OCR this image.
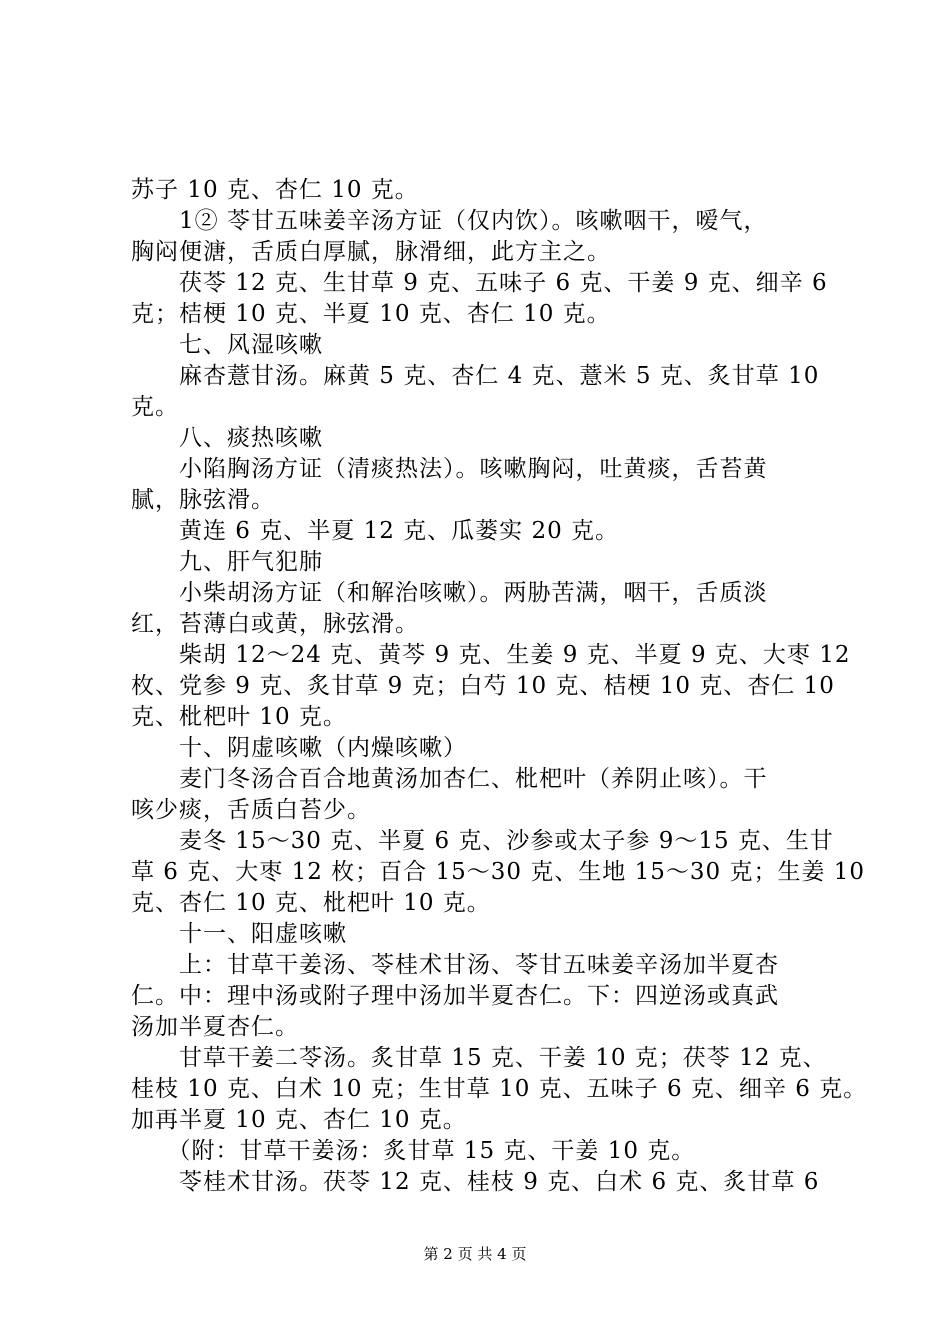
苏子 10 克、杏仁 10 克。
　　1② 苓甘五味姜辛汤方证（仅内饮）。咳嗽咽干，嗳气，
胸闷便溏，舌质白厚腻，脉滑细，此方主之。
　　茯苓 12 克、生甘草 9 克、五味子 6 克、干姜 9 克、细辛 6
克；桔梗 10 克、半夏 10 克、杏仁 10 克。
　　七、风湿咳嗽
　　麻杏薏甘汤。麻黄 5 克、杏仁 4 克、薏米 5 克、炙甘草 10
克。
　　八、痰热咳嗽
　　小陷胸汤方证（清痰热法）。咳嗽胸闷，吐黄痰，舌苔黄
腻，脉弦滑。
　　黄连 6 克、半夏 12 克、瓜蒌实 20 克。
　　九、肝气犯肺
　　小柴胡汤方证（和解治咳嗽）。两胁苦满，咽干，舌质淡
红，苔薄白或黄，脉弦滑。
　　柴胡 12～24 克、黄芩 9 克、生姜 9 克、半夏 9 克、大枣 12
枚、党参 9 克、炙甘草 9 克；白芍 10 克、桔梗 10 克、杏仁 10
克、枇杷叶 10 克。
　　十、阴虚咳嗽（内燥咳嗽）
　　麦门冬汤合百合地黄汤加杏仁、枇杷叶（养阴止咳）。干
咳少痰，舌质白苔少。
　　麦冬 15～30 克、半夏 6 克、沙参或太子参 9～15 克、生甘
草 6 克、大枣 12 枚；百合 15～30 克、生地 15～30 克；生姜 10
克、杏仁 10 克、枇杷叶 10 克。
　　十一、阳虚咳嗽
　　上：甘草干姜汤、苓桂术甘汤、苓甘五味姜辛汤加半夏杏
仁。中：理中汤或附子理中汤加半夏杏仁。下：四逆汤或真武
汤加半夏杏仁。
　　甘草干姜二苓汤。炙甘草 15 克、干姜 10 克；茯苓 12 克、
桂枝 10 克、白术 10 克；生甘草 10 克、五味子 6 克、细辛 6 克。
加再半夏 10 克、杏仁 10 克。
　　（附：甘草干姜汤：炙甘草 15 克、干姜 10 克。
　　苓桂术甘汤。茯苓 12 克、桂枝 9 克、白术 6 克、炙甘草 6
第 2 页 共 4 页
